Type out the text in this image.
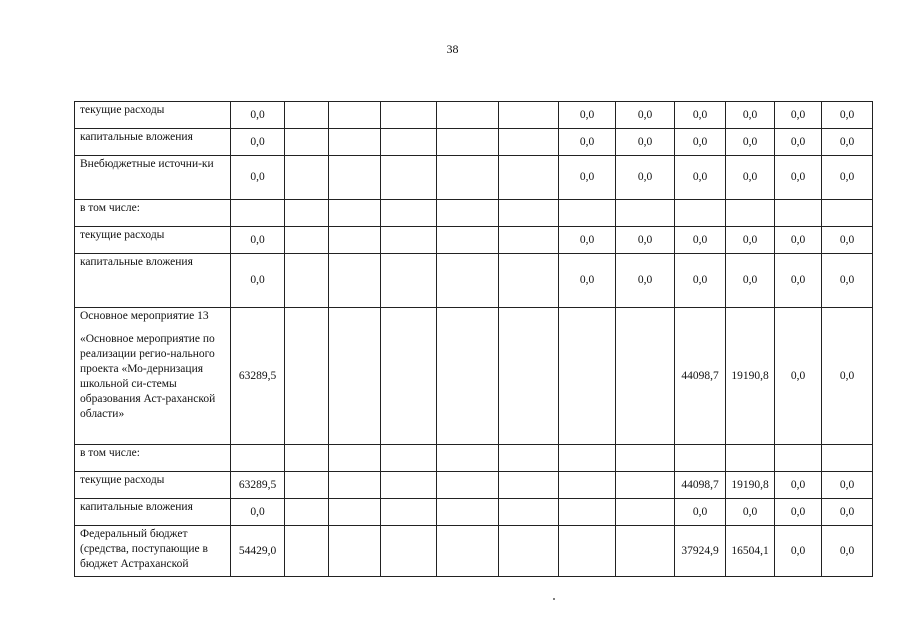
38
текущие расходы	0,0						0,0	0,0	0,0	0,0	0,0	0,0
капитальные вложения	0,0						0,0	0,0	0,0	0,0	0,0	0,0
Внебюджетные источни-ки	0,0						0,0	0,0	0,0	0,0	0,0	0,0
в том числе:												
текущие расходы	0,0						0,0	0,0	0,0	0,0	0,0	0,0
капитальные вложения	0,0						0,0	0,0	0,0	0,0	0,0	0,0
Основное мероприятие 13
«Основное мероприятие по реализации регио-нального проекта «Мо-дернизация школьной си-стемы образования Аст-раханской области»	63289,5								44098,7	19190,8	0,0	0,0
в том числе:												
текущие расходы	63289,5								44098,7	19190,8	0,0	0,0
капитальные вложения	0,0								0,0	0,0	0,0	0,0
Федеральный бюджет (средства, поступающие в бюджет Астраханской	54429,0								37924,9	16504,1	0,0	0,0
